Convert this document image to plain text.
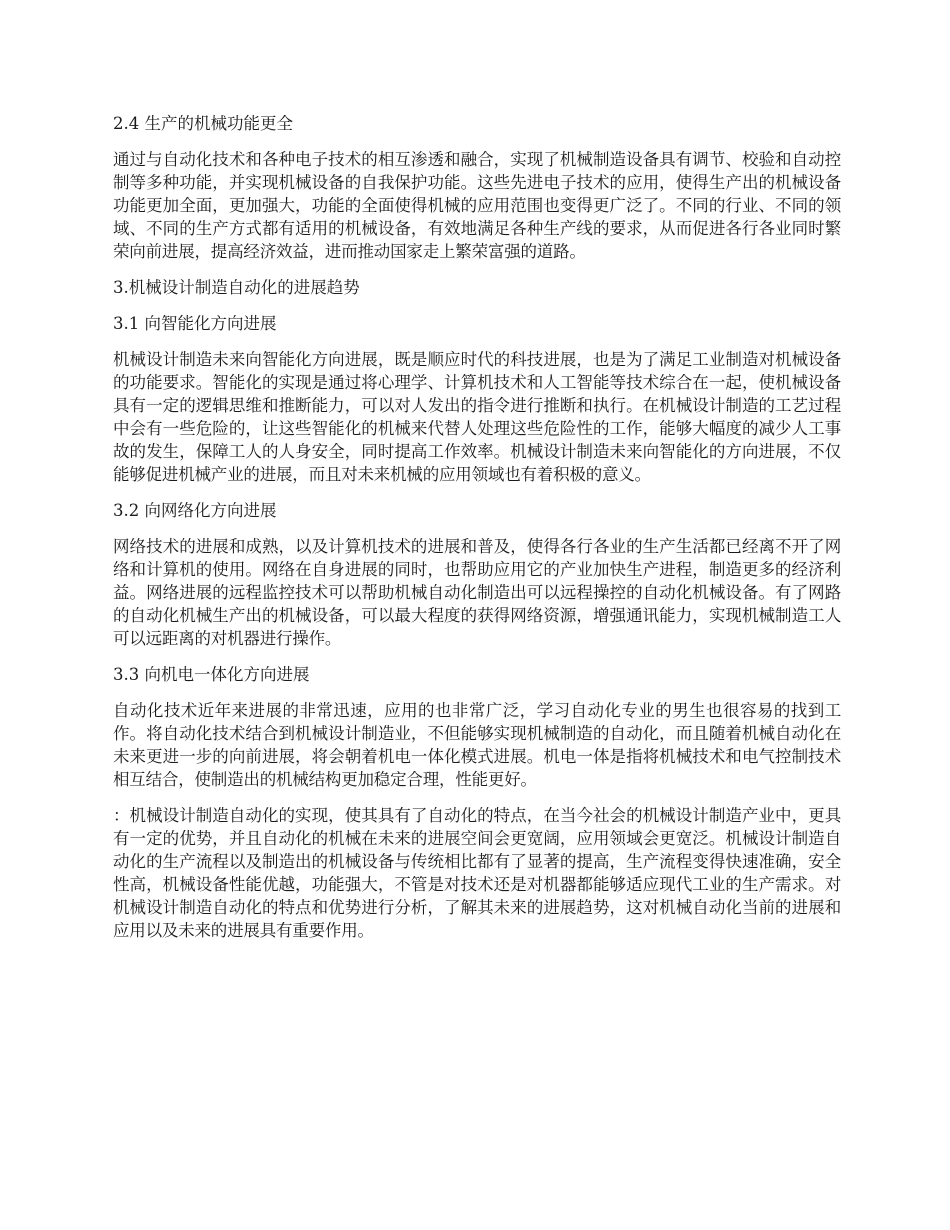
2.4 生产的机械功能更全
通过与自动化技术和各种电子技术的相互渗透和融合，实现了机械制造设备具有调节、校验和自动控制等多种功能，并实现机械设备的自我保护功能。这些先进电子技术的应用，使得生产出的机械设备功能更加全面，更加强大，功能的全面使得机械的应用范围也变得更广泛了。不同的行业、不同的领域、不同的生产方式都有适用的机械设备，有效地满足各种生产线的要求，从而促进各行各业同时繁荣向前进展，提高经济效益，进而推动国家走上繁荣富强的道路。
3.机械设计制造自动化的进展趋势
3.1 向智能化方向进展
机械设计制造未来向智能化方向进展，既是顺应时代的科技进展，也是为了满足工业制造对机械设备的功能要求。智能化的实现是通过将心理学、计算机技术和人工智能等技术综合在一起，使机械设备具有一定的逻辑思维和推断能力，可以对人发出的指令进行推断和执行。在机械设计制造的工艺过程中会有一些危险的，让这些智能化的机械来代替人处理这些危险性的工作，能够大幅度的减少人工事故的发生，保障工人的人身安全，同时提高工作效率。机械设计制造未来向智能化的方向进展，不仅能够促进机械产业的进展，而且对未来机械的应用领域也有着积极的意义。
3.2 向网络化方向进展
网络技术的进展和成熟，以及计算机技术的进展和普及，使得各行各业的生产生活都已经离不开了网络和计算机的使用。网络在自身进展的同时，也帮助应用它的产业加快生产进程，制造更多的经济利益。网络进展的远程监控技术可以帮助机械自动化制造出可以远程操控的自动化机械设备。有了网路的自动化机械生产出的机械设备，可以最大程度的获得网络资源，增强通讯能力，实现机械制造工人可以远距离的对机器进行操作。
3.3 向机电一体化方向进展
自动化技术近年来进展的非常迅速，应用的也非常广泛，学习自动化专业的男生也很容易的找到工作。将自动化技术结合到机械设计制造业，不但能够实现机械制造的自动化，而且随着机械自动化在未来更进一步的向前进展，将会朝着机电一体化模式进展。机电一体是指将机械技术和电气控制技术相互结合，使制造出的机械结构更加稳定合理，性能更好。
：机械设计制造自动化的实现，使其具有了自动化的特点，在当今社会的机械设计制造产业中，更具有一定的优势，并且自动化的机械在未来的进展空间会更宽阔，应用领域会更宽泛。机械设计制造自动化的生产流程以及制造出的机械设备与传统相比都有了显著的提高，生产流程变得快速准确，安全性高，机械设备性能优越，功能强大，不管是对技术还是对机器都能够适应现代工业的生产需求。对机械设计制造自动化的特点和优势进行分析，了解其未来的进展趋势，这对机械自动化当前的进展和应用以及未来的进展具有重要作用。
